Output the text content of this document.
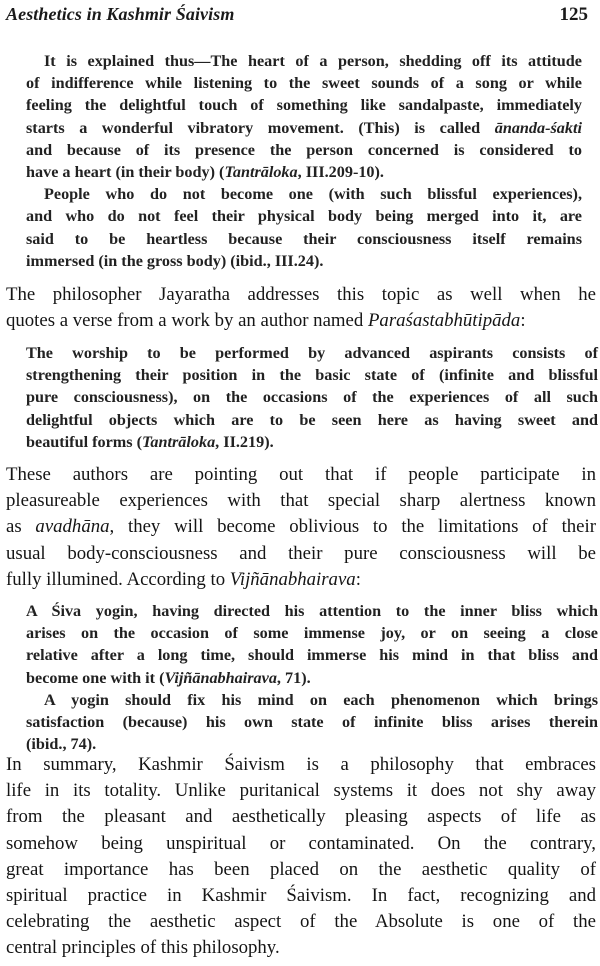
Aesthetics in Kashmir Śaivism	125
It is explained thus—The heart of a person, shedding off its attitude
of indifference while listening to the sweet sounds of a song or while
feeling the delightful touch of something like sandalpaste, immediately
starts a wonderful vibratory movement. (This) is called ānanda-śakti
and because of its presence the person concerned is considered to
have a heart (in their body) (Tantrāloka, III.209-10).
People who do not become one (with such blissful experiences),
and who do not feel their physical body being merged into it, are
said to be heartless because their consciousness itself remains
immersed (in the gross body) (ibid., III.24).
The philosopher Jayaratha addresses this topic as well when he
quotes a verse from a work by an author named Paraśastabhūtipāda:
The worship to be performed by advanced aspirants consists of
strengthening their position in the basic state of (infinite and blissful
pure consciousness), on the occasions of the experiences of all such
delightful objects which are to be seen here as having sweet and
beautiful forms (Tantrāloka, II.219).
These authors are pointing out that if people participate in
pleasureable experiences with that special sharp alertness known
as avadhāna, they will become oblivious to the limitations of their
usual body-consciousness and their pure consciousness will be
fully illumined. According to Vijñānabhairava:
A Śiva yogin, having directed his attention to the inner bliss which
arises on the occasion of some immense joy, or on seeing a close
relative after a long time, should immerse his mind in that bliss and
become one with it (Vijñānabhairava, 71).
A yogin should fix his mind on each phenomenon which brings
satisfaction (because) his own state of infinite bliss arises therein
(ibid., 74).
In summary, Kashmir Śaivism is a philosophy that embraces
life in its totality. Unlike puritanical systems it does not shy away
from the pleasant and aesthetically pleasing aspects of life as
somehow being unspiritual or contaminated. On the contrary,
great importance has been placed on the aesthetic quality of
spiritual practice in Kashmir Śaivism. In fact, recognizing and
celebrating the aesthetic aspect of the Absolute is one of the
central principles of this philosophy.
